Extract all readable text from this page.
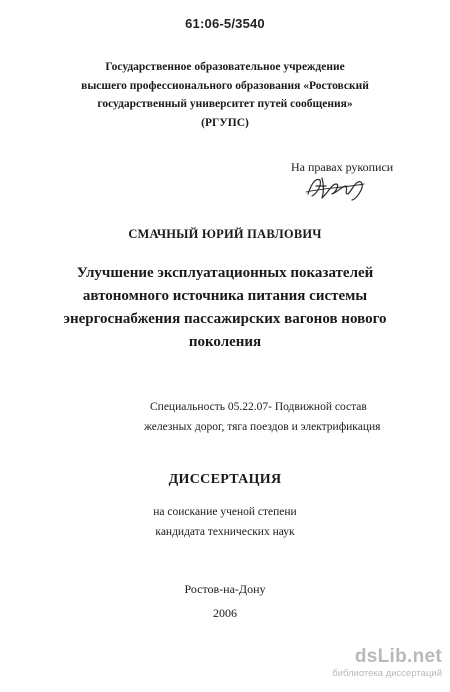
61:06-5/3540
Государственное образовательное учреждение
высшего профессионального образования «Ростовский
государственный университет путей сообщения»
(РГУПС)
На правах рукописи
СМАЧНЫЙ ЮРИЙ ПАВЛОВИЧ
Улучшение эксплуатационных показателей
автономного источника питания системы
энергоснабжения пассажирских вагонов нового
поколения
Специальность 05.22.07- Подвижной состав
железных дорог, тяга поездов и электрификация
ДИССЕРТАЦИЯ
на соискание ученой степени
кандидата технических наук
Ростов-на-Дону
2006
dsLib.net
библиотека диссертаций
